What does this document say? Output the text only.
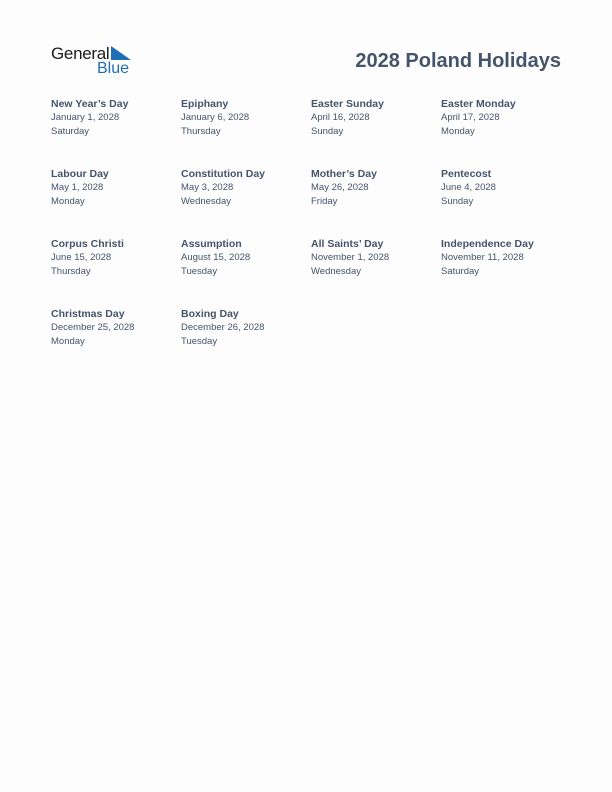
General
Blue	2028 Poland Holidays
New Year’s Day
January 1, 2028
Saturday
Epiphany
January 6, 2028
Thursday
Easter Sunday
April 16, 2028
Sunday
Easter Monday
April 17, 2028
Monday
Labour Day
May 1, 2028
Monday
Constitution Day
May 3, 2028
Wednesday
Mother’s Day
May 26, 2028
Friday
Pentecost
June 4, 2028
Sunday
Corpus Christi
June 15, 2028
Thursday
Assumption
August 15, 2028
Tuesday
All Saints’ Day
November 1, 2028
Wednesday
Independence Day
November 11, 2028
Saturday
Christmas Day
December 25, 2028
Monday
Boxing Day
December 26, 2028
Tuesday
